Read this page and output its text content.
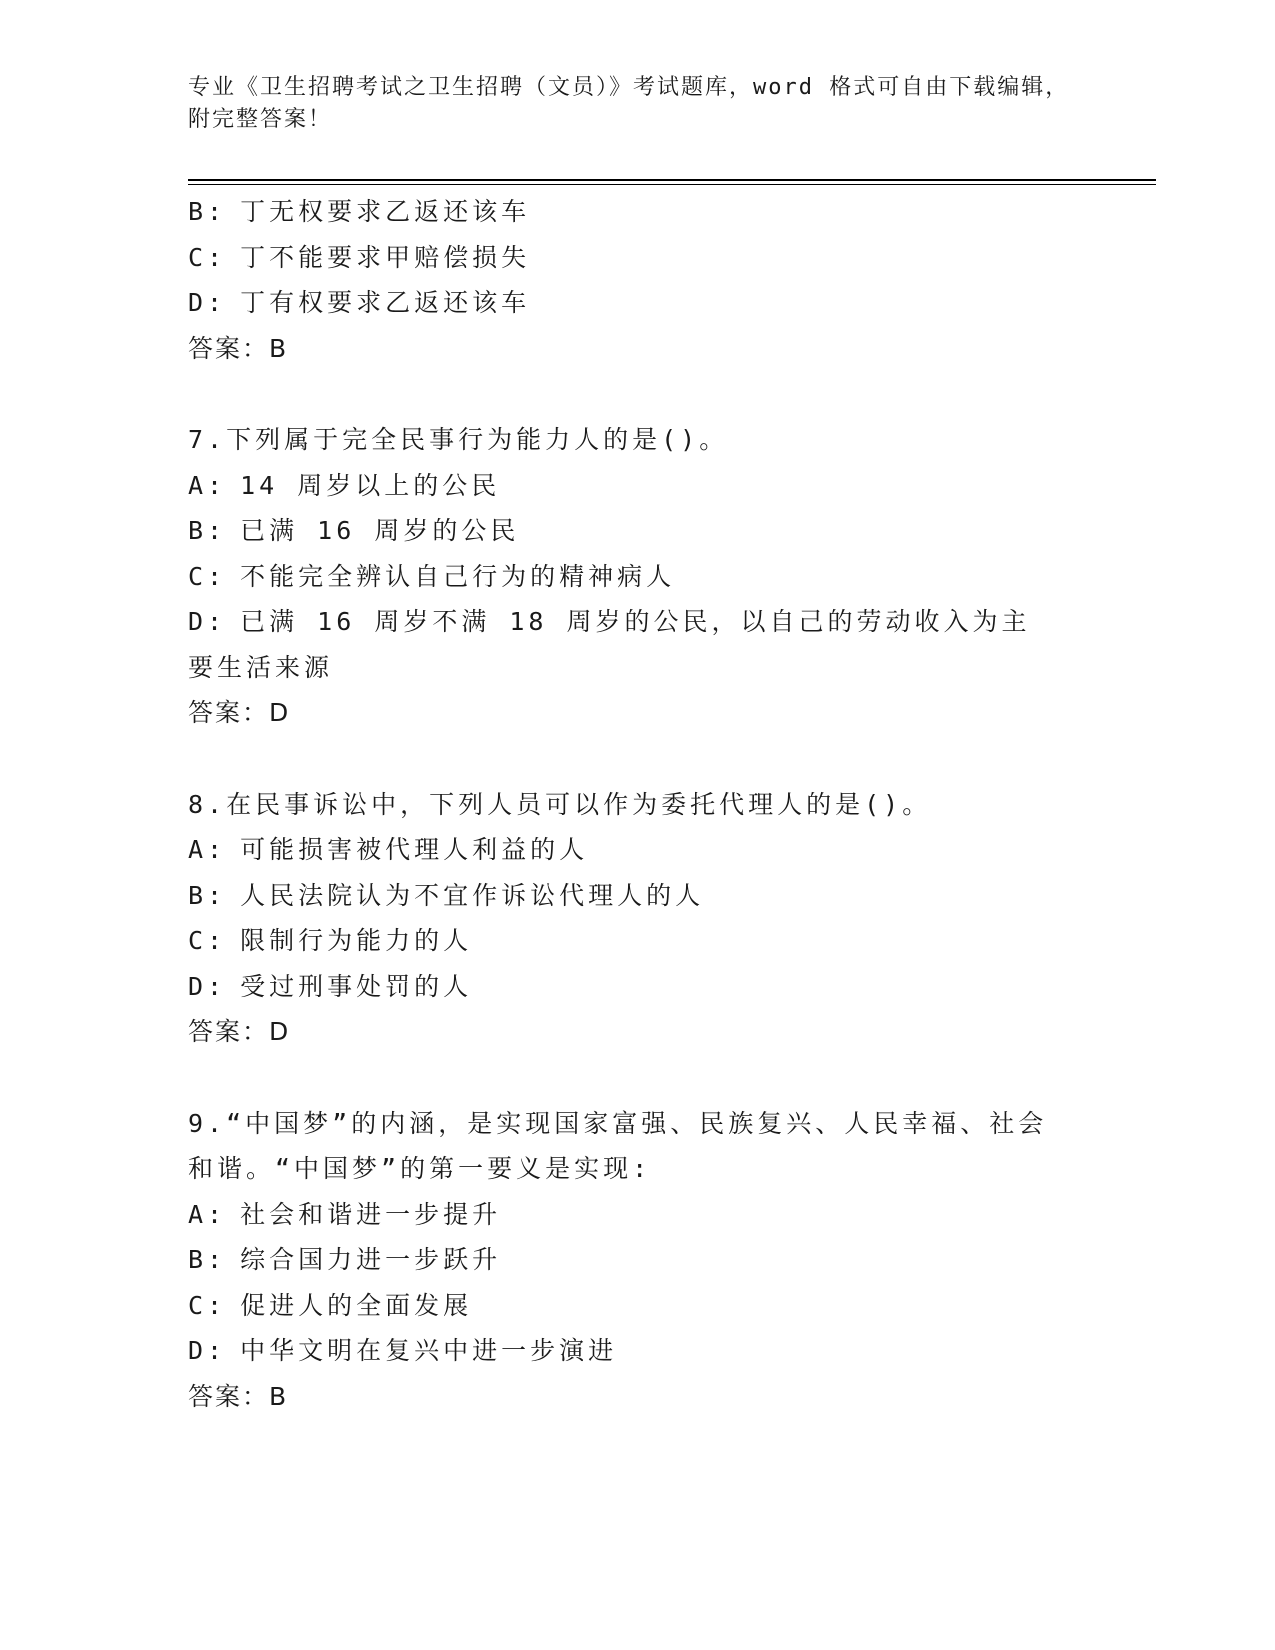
专业《卫生招聘考试之卫生招聘（文员）》考试题库，word 格式可自由下载编辑，附完整答案！
B: 丁无权要求乙返还该车
C: 丁不能要求甲赔偿损失
D: 丁有权要求乙返还该车
答案：B
7.下列属于完全民事行为能力人的是()。
A: 14 周岁以上的公民
B: 已满 16 周岁的公民
C: 不能完全辨认自己行为的精神病人
D: 已满 16 周岁不满 18 周岁的公民，以自己的劳动收入为主要生活来源
答案：D
8.在民事诉讼中，下列人员可以作为委托代理人的是()。
A: 可能损害被代理人利益的人
B: 人民法院认为不宜作诉讼代理人的人
C: 限制行为能力的人
D: 受过刑事处罚的人
答案：D
9.“中国梦”的内涵，是实现国家富强、民族复兴、人民幸福、社会和谐。“中国梦”的第一要义是实现:
A: 社会和谐进一步提升
B: 综合国力进一步跃升
C: 促进人的全面发展
D: 中华文明在复兴中进一步演进
答案：B
